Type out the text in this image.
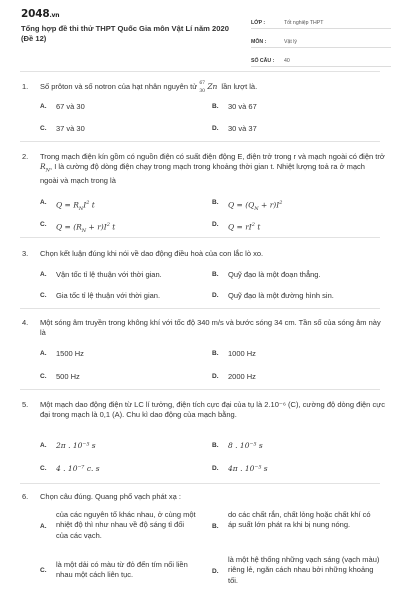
2048.vn
Tổng hợp đề thi thử THPT Quốc Gia môn Vật Lí năm 2020 (Đề 12)
LỚP :	Tốt nghiệp THPT
MÔN :	Vật lý
SỐ CÂU :	40
1. Số prôton và số notron của hạt nhân nguyên tử 67
30
Zn lần lượt là.
A. 67 và 30	B. 30 và 67
C. 37 và 30	D. 30 và 37
2. Trong mạch điện kín gồm có nguồn điện có suất điện động E, điện trở trong r và mạch ngoài có điện trở $R_N$, I là cường độ dòng điện chạy trong mạch trong khoảng thời gian t. Nhiệt lượng toả ra ở mạch ngoài và mạch trong là
A. $Q = R_NI^2$ t	B. $Q = (Q_N + r)I^2$
C. $Q = (R_N + r)I^2$ t	D. $Q = rI^2$ t
3. Chọn kết luận đúng khi nói về dao động điều hoà của con lắc lò xo.
A. Vận tốc tỉ lệ thuận với thời gian.	B. Quỹ đạo là một đoạn thẳng.
C. Gia tốc tỉ lệ thuận với thời gian.	D. Quỹ đạo là một đường hình sin.
4. Một sóng âm truyền trong không khí với tốc độ 340 m/s và bước sóng 34 cm. Tần số của sóng âm này là
A. 1500 Hz	B. 1000 Hz
C. 500 Hz	D. 2000 Hz
5. Một mạch dao động điện từ LC lí tưởng, điện tích cực đại của tụ là 2.10⁻⁶ (C), cường độ dòng điện cực đại trong mạch là 0,1 (A). Chu kì dao động của mạch bằng.
A. 2π . 10⁻⁵ s	B. 8 . 10⁻⁵ s
C. 4 . 10⁻⁷ c. s	D. 4π . 10⁻⁵ s
6. Chọn câu đúng. Quang phổ vạch phát xạ :
A.
của các nguyên tố khác nhau, ở cùng một nhiệt độ thì như nhau về độ sáng tỉ đối của các vạch.
B.
do các chất rắn, chất lỏng hoặc chất khí có áp suất lớn phát ra khi bị nung nóng.
C.
là một dải có màu từ đỏ đến tím nối liền nhau một cách liên tục.	D.
là một hệ thống những vạch sáng (vạch màu) riêng lẻ, ngăn cách nhau bởi những khoảng tối.
